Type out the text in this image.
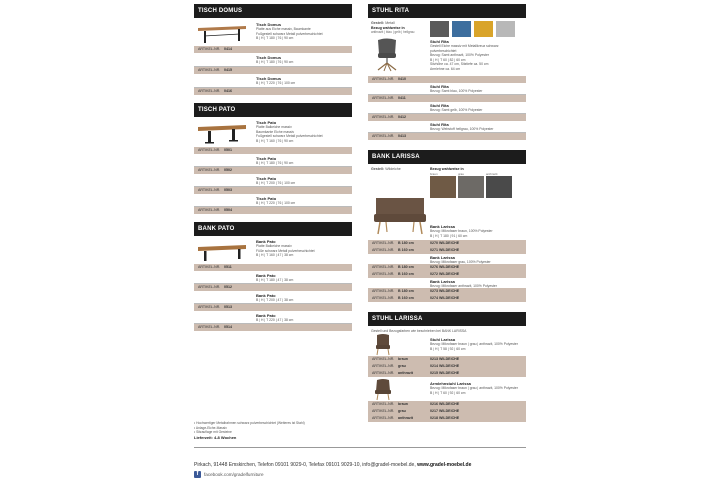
TISCH DOMUS
Tisch Domus
Platte aus Eiche massiv, Baumkante
Fußgestell schwarz Metall pulverbeschichtet
B | H | T 180 | 76 | 90 cm
ARTIKEL-NR.	0414
Tisch Domus
B | H | T 180 | 76 | 90 cm
ARTIKEL-NR.	0415
Tisch Domus
B | H | T 220 | 76 | 100 cm
ARTIKEL-NR.	0416
TISCH PATO
Tisch Pato
Platte Balkeiche massiv
Baumkante Eiche massiv
Fußgestell schwarz Metall pulverbeschichtet
B | H | T 160 | 76 | 90 cm
ARTIKEL-NR.	0501
Tisch Pato
B | H | T 180 | 76 | 90 cm
ARTIKEL-NR.	0502
Tisch Pato
B | H | T 200 | 76 | 100 cm
ARTIKEL-NR.	0503
Tisch Pato
B | H | T 220 | 76 | 100 cm
ARTIKEL-NR.	0504
BANK PATO
Bank Pato
Platte Balkeiche massiv
Füße schwarz Metall pulverbeschichtet
B | H | T 160 | 47 | 38 cm
ARTIKEL-NR.	0511
Bank Pato
B | H | T 180 | 47 | 38 cm
ARTIKEL-NR.	0512
Bank Pato
B | H | T 200 | 47 | 38 cm
ARTIKEL-NR.	0513
Bank Pato
B | H | T 220 | 47 | 38 cm
ARTIKEL-NR.	0514
STUHL RITA
Gestell: Metall
Bezug wahlweise in
anthrazit | blau | gelb | hellgrau
Stuhl Rita
Gestell Eiche massiv mit Metallkreuz schwarz
pulverbeschichtet
Bezug: Samt anthrazit, 100% Polyester
B | H | T 60 | 82 | 60 cm
Sitzhöhe ca. 47 cm, Sitztiefe ca. 50 cm
Armlehne ca. 64 cm
ARTIKEL-NR.	0410
Stuhl Rita
Bezug: Samt blau, 100% Polyester
ARTIKEL-NR.	0411
Stuhl Rita
Bezug: Samt gelb, 100% Polyester
ARTIKEL-NR.	0412
Stuhl Rita
Bezug: Webstoff hellgrau, 100% Polyester
ARTIKEL-NR.	0413
BANK LARISSA
Gestell: Wildeiche	Bezug wahlweise in
braun	grau	anthrazit
Bank Larissa
Bezug: Mikrofaser braun, 100% Polyester
B | H | T 180 | 91 | 60 cm
ARTIKEL-NR.	B 180 cm	0270 WILDEICHE
ARTIKEL-NR.	B 160 cm	0271 WILDEICHE
Bank Larissa
Bezug: Mikrofaser grau, 100% Polyester
ARTIKEL-NR.	B 180 cm	0276 WILDEICHE
ARTIKEL-NR.	B 160 cm	0272 WILDEICHE
Bank Larissa
Bezug: Mikrofaser anthrazit, 100% Polyester
ARTIKEL-NR.	B 180 cm	0273 WILDEICHE
ARTIKEL-NR.	B 160 cm	0274 WILDEICHE
STUHL LARISSA
Gestell und Bezugsfarben wie beschrieben bei BANK LARISSA
Stuhl Larissa
Bezug: Mikrofaser braun | grau | anthrazit, 100% Polyester
B | H | T 58 | 92 | 60 cm
ARTIKEL-NR.	braun	0213 WILDEICHE
ARTIKEL-NR.	grau	0214 WILDEICHE
ARTIKEL-NR.	anthrazit	0215 WILDEICHE
Armlehnstuhl Larissa
Bezug: Mikrofaser braun | grau | anthrazit, 100% Polyester
B | H | T 60 | 92 | 60 cm
ARTIKEL-NR.	braun	0216 WILDEICHE
ARTIKEL-NR.	grau	0217 WILDEICHE
ARTIKEL-NR.	anthrazit	0218 WILDEICHE
• Hochwertiger Metallrahmen schwarz pulverbeschichtet (Weiteres ist Stahl)
• Anlage-Eiche-Massiv
• Sitzauflage mit Gesteine
Lieferzeit: 4-8 Wochen
Pirkach, 91448 Emskirchen, Telefon 09101 9029-0, Telefax 09101 9029-10, info@gradel-moebel.de, www.gradel-moebel.de
f	facebook.com/gradelfurniture
